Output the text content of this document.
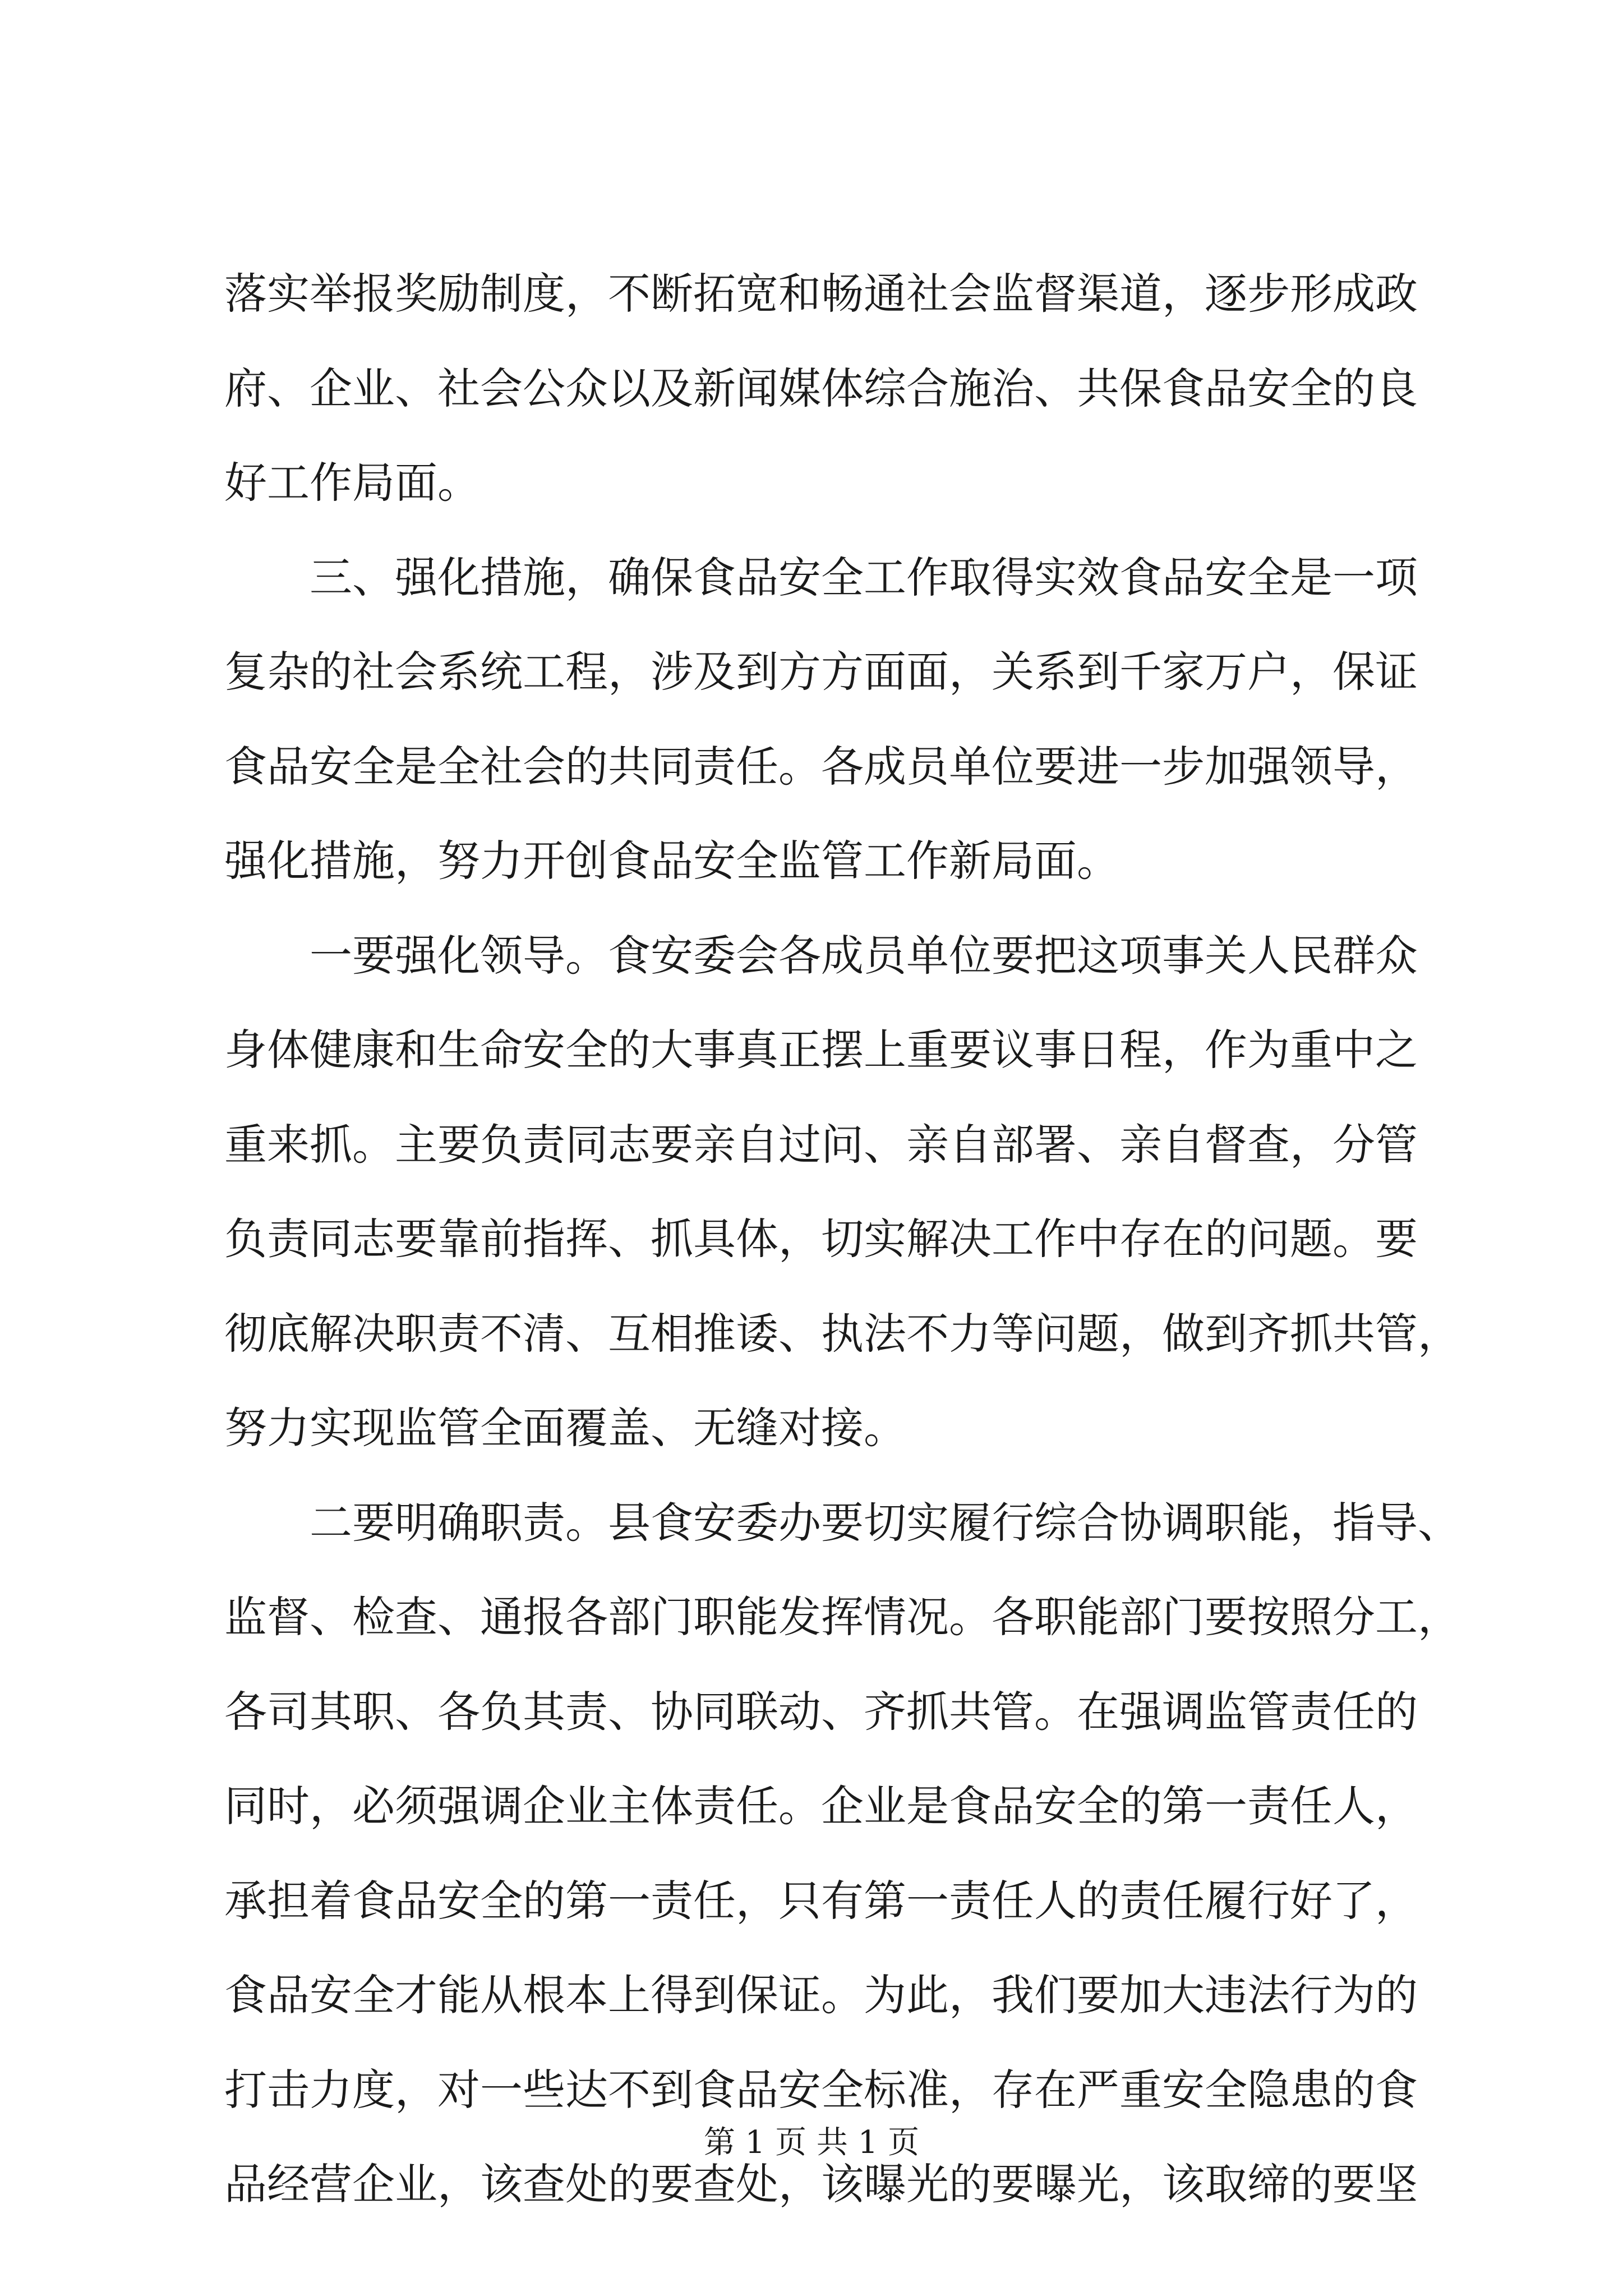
落实举报奖励制度，不断拓宽和畅通社会监督渠道，逐步形成政
府、企业、社会公众以及新闻媒体综合施治、共保食品安全的良
好工作局面。
三、强化措施，确保食品安全工作取得实效食品安全是一项
复杂的社会系统工程，涉及到方方面面，关系到千家万户，保证
食品安全是全社会的共同责任。各成员单位要进一步加强领导，
强化措施，努力开创食品安全监管工作新局面。
一要强化领导。食安委会各成员单位要把这项事关人民群众
身体健康和生命安全的大事真正摆上重要议事日程，作为重中之
重来抓。主要负责同志要亲自过问、亲自部署、亲自督查，分管
负责同志要靠前指挥、抓具体，切实解决工作中存在的问题。要
彻底解决职责不清、互相推诿、执法不力等问题，做到齐抓共管，
努力实现监管全面覆盖、无缝对接。
二要明确职责。县食安委办要切实履行综合协调职能，指导、
监督、检查、通报各部门职能发挥情况。各职能部门要按照分工，
各司其职、各负其责、协同联动、齐抓共管。在强调监管责任的
同时，必须强调企业主体责任。企业是食品安全的第一责任人，
承担着食品安全的第一责任，只有第一责任人的责任履行好了，
食品安全才能从根本上得到保证。为此，我们要加大违法行为的
打击力度，对一些达不到食品安全标准，存在严重安全隐患的食
品经营企业，该查处的要查处，该曝光的要曝光，该取缔的要坚
第 1 页 共 1 页
